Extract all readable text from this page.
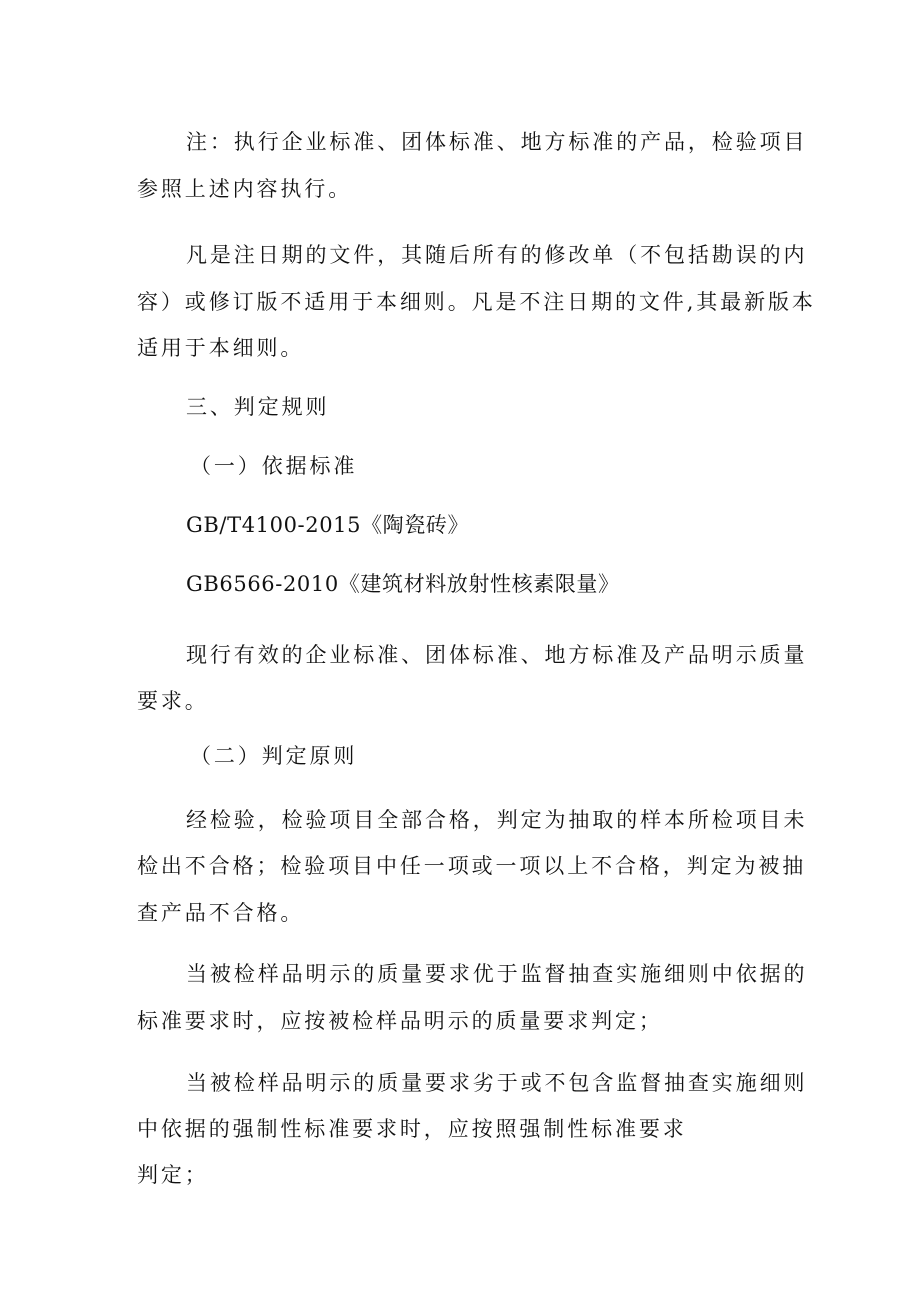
注：执行企业标准、团体标准、地方标准的产品，检验项目
参照上述内容执行。
凡是注日期的文件，其随后所有的修改单（不包括勘误的内
容）或修订版不适用于本细则。凡是不注日期的文件,其最新版本
适用于本细则。
三、判定规则
（一）依据标准
GB/T4100-2015《陶瓷砖》
GB6566-2010《建筑材料放射性核素限量》
现行有效的企业标准、团体标准、地方标准及产品明示质量
要求。
（二）判定原则
经检验，检验项目全部合格，判定为抽取的样本所检项目未
检出不合格；检验项目中任一项或一项以上不合格，判定为被抽
查产品不合格。
当被检样品明示的质量要求优于监督抽查实施细则中依据的
标准要求时，应按被检样品明示的质量要求判定；
当被检样品明示的质量要求劣于或不包含监督抽查实施细则
中依据的强制性标准要求时，应按照强制性标准要求
判定；
